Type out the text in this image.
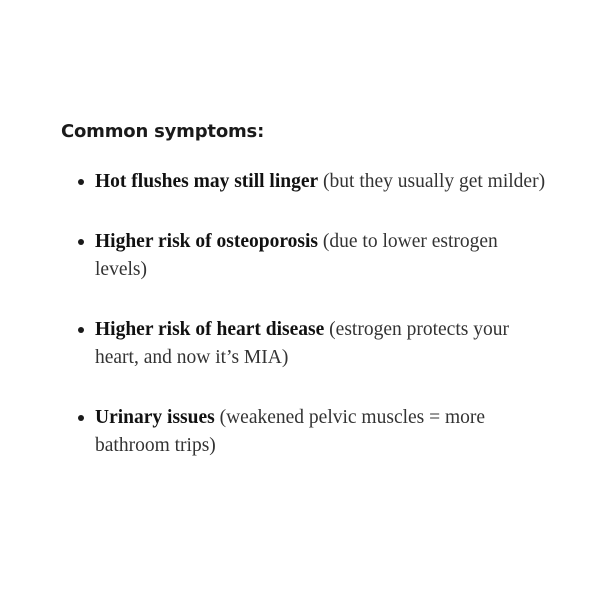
Common symptoms:
Hot flushes may still linger (but they usually get milder)
Higher risk of osteoporosis (due to lower estrogen levels)
Higher risk of heart disease (estrogen protects your heart, and now it’s MIA)
Urinary issues (weakened pelvic muscles = more bathroom trips)
